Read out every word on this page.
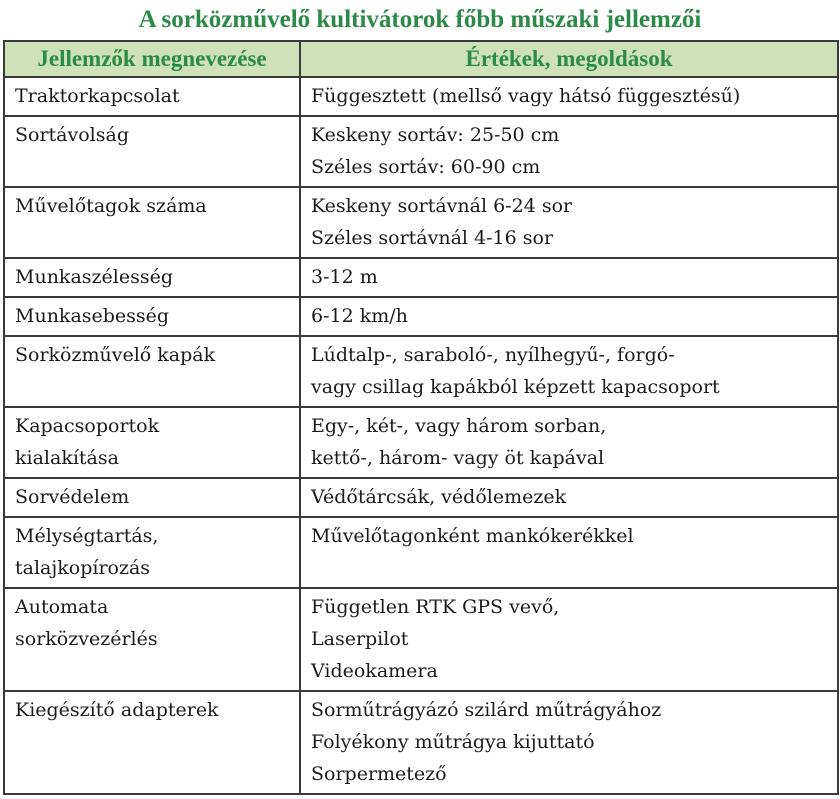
A sorközművelő kultivátorok főbb műszaki jellemzői
Jellemzők megnevezése	Értékek, megoldások

Traktorkapcsolat	Függesztett (mellső vagy hátsó függesztésű)

Sortávolság	Keskeny sortáv: 25-50 cm
Széles sortáv: 60-90 cm

Művelőtagok száma	Keskeny sortávnál 6-24 sor
Széles sortávnál 4-16 sor

Munkaszélesség	3-12 m

Munkasebesség	6-12 km/h

Sorközművelő kapák	Lúdtalp-, saraboló-, nyílhegyű-, forgó-
vagy csillag kapákból képzett kapacsoport

Kapacsoportok
kialakítása	Egy-, két-, vagy három sorban,
kettő-, három- vagy öt kapával

Sorvédelem	Védőtárcsák, védőlemezek

Mélységtartás,
talajkopírozás	Művelőtagonként mankókerékkel

Automata
sorközvezérlés	Független RTK GPS vevő,
Laserpilot
Videokamera

Kiegészítő adapterek	Sorműtrágyázó szilárd műtrágyához
Folyékony műtrágya kijuttató
Sorpermetező
